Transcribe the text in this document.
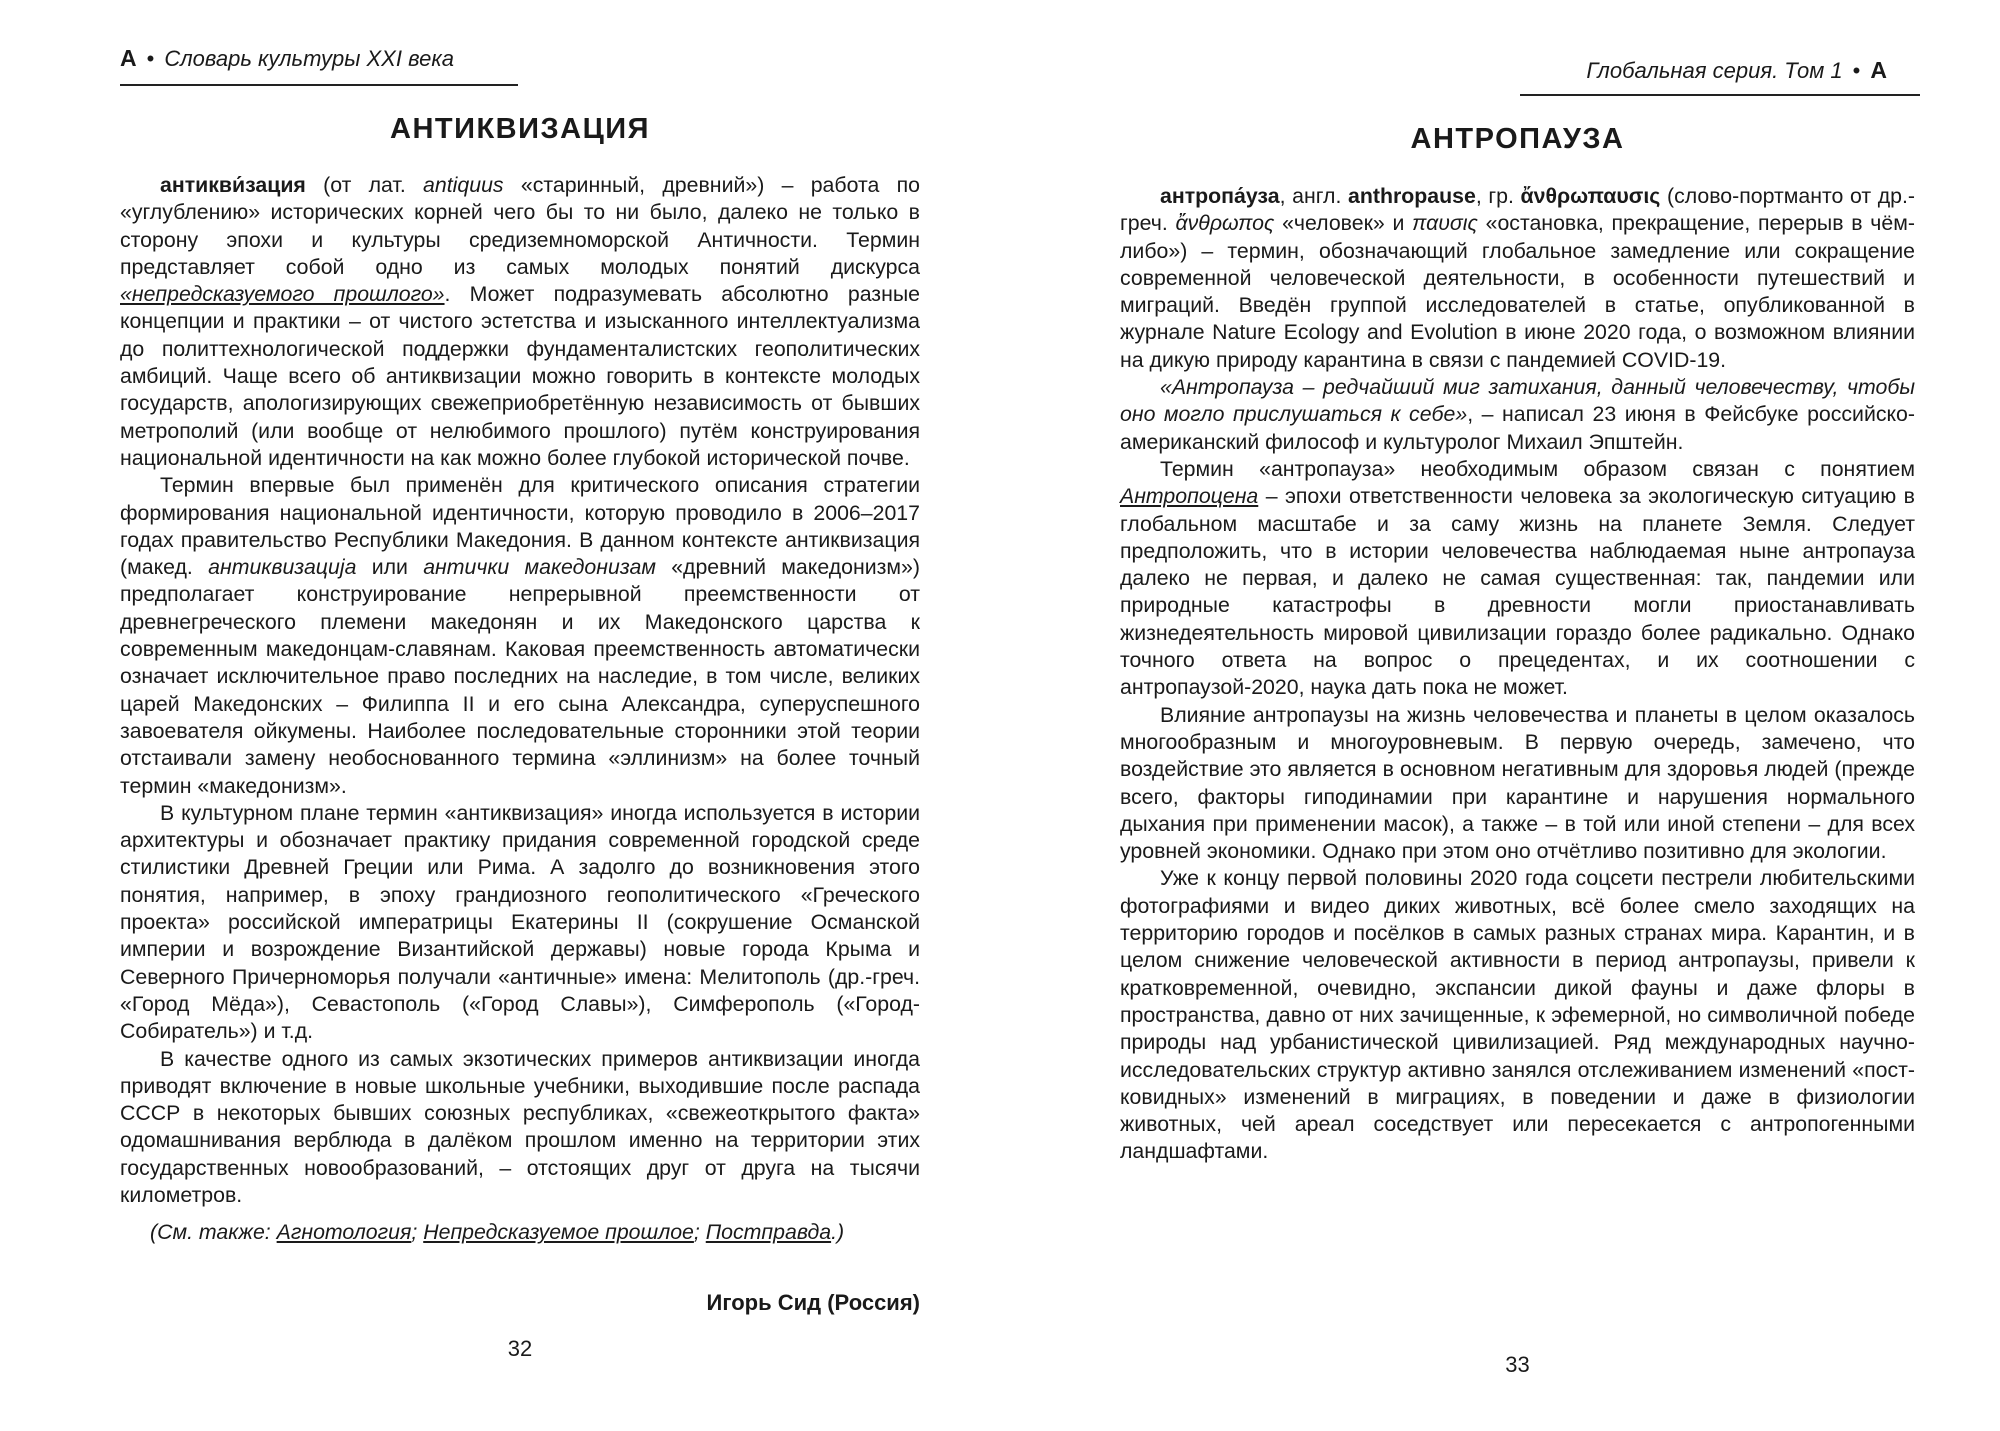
А • Словарь культуры XXI века
АНТИКВИЗАЦИЯ

антикви́зация (от лат. antiquus «старинный, древний») – работа по «углублению» исторических корней чего бы то ни было, далеко не только в сторону эпохи и культуры средиземноморской Античности. Термин представляет собой одно из самых молодых понятий дискурса «непредсказуемого прошлого». Может подразумевать абсолютно разные концепции и практики – от чистого эстетства и изысканного интеллектуализма до политтехнологической поддержки фундаменталистских геополитических амбиций. Чаще всего об антиквизации можно говорить в контексте молодых государств, апологизирующих свежеприобретённую независимость от бывших метрополий (или вообще от нелюбимого прошлого) путём конструирования национальной идентичности на как можно более глубокой исторической почве.

Термин впервые был применён для критического описания стратегии формирования национальной идентичности, которую проводило в 2006–2017 годах правительство Республики Македония. В данном контексте антиквизация (макед. антиквизација или антички македонизам «древний македонизм») предполагает конструирование непрерывной преемственности от древнегреческого племени македонян и их Македонского царства к современным македонцам-славянам. Каковая преемственность автоматически означает исключительное право последних на наследие, в том числе, великих царей Македонских – Филиппа II и его сына Александра, суперуспешного завоевателя ойкумены. Наиболее последовательные сторонники этой теории отстаивали замену необоснованного термина «эллинизм» на более точный термин «македонизм».

В культурном плане термин «антиквизация» иногда используется в истории архитектуры и обозначает практику придания современной городской среде стилистики Древней Греции или Рима. А задолго до возникновения этого понятия, например, в эпоху грандиозного геополитического «Греческого проекта» российской императрицы Екатерины II (сокрушение Османской империи и возрождение Византийской державы) новые города Крыма и Северного Причерноморья получали «античные» имена: Мелитополь (др.-греч. «Город Мёда»), Севастополь («Город Славы»), Симферополь («Город-Собиратель») и т.д.

В качестве одного из самых экзотических примеров антиквизации иногда приводят включение в новые школьные учебники, выходившие после распада СССР в некоторых бывших союзных республиках, «свежеоткрытого факта» одомашнивания верблюда в далёком прошлом именно на территории этих государственных новообразований, – отстоящих друг от друга на тысячи километров.

(См. также: Агнотология; Непредсказуемое прошлое; Постправда.)

Игорь Сид (Россия)
32
Глобальная серия. Том 1 • А
АНТРОПАУЗА

антропа́уза, англ. anthropause, гр. ἄνθρωπαυσις (слово-портманто от др.-греч. ἄνθρωπος «человек» и παυσις «остановка, прекращение, перерыв в чём-либо») – термин, обозначающий глобальное замедление или сокращение современной человеческой деятельности, в особенности путешествий и миграций. Введён группой исследователей в статье, опубликованной в журнале Nature Ecology and Evolution в июне 2020 года, о возможном влиянии на дикую природу карантина в связи с пандемией COVID-19.

«Антропауза – редчайший миг затихания, данный человечеству, чтобы оно могло прислушаться к себе», – написал 23 июня в Фейсбуке российско-американский философ и культуролог Михаил Эпштейн.

Термин «антропауза» необходимым образом связан с понятием Антропоцена – эпохи ответственности человека за экологическую ситуацию в глобальном масштабе и за саму жизнь на планете Земля. Следует предположить, что в истории человечества наблюдаемая ныне антропауза далеко не первая, и далеко не самая существенная: так, пандемии или природные катастрофы в древности могли приостанавливать жизнедеятельность мировой цивилизации гораздо более радикально. Однако точного ответа на вопрос о прецедентах, и их соотношении с антропаузой-2020, наука дать пока не может.

Влияние антропаузы на жизнь человечества и планеты в целом оказалось многообразным и многоуровневым. В первую очередь, замечено, что воздействие это является в основном негативным для здоровья людей (прежде всего, факторы гиподинамии при карантине и нарушения нормального дыхания при применении масок), а также – в той или иной степени – для всех уровней экономики. Однако при этом оно отчётливо позитивно для экологии.

Уже к концу первой половины 2020 года соцсети пестрели любительскими фотографиями и видео диких животных, всё более смело заходящих на территорию городов и посёлков в самых разных странах мира. Карантин, и в целом снижение человеческой активности в период антропаузы, привели к кратковременной, очевидно, экспансии дикой фауны и даже флоры в пространства, давно от них зачищенные, к эфемерной, но символичной победе природы над урбанистической цивилизацией. Ряд международных научно-исследовательских структур активно занялся отслеживанием изменений «пост-ковидных» изменений в миграциях, в поведении и даже в физиологии животных, чей ареал соседствует или пересекается с антропогенными ландшафтами.

33
